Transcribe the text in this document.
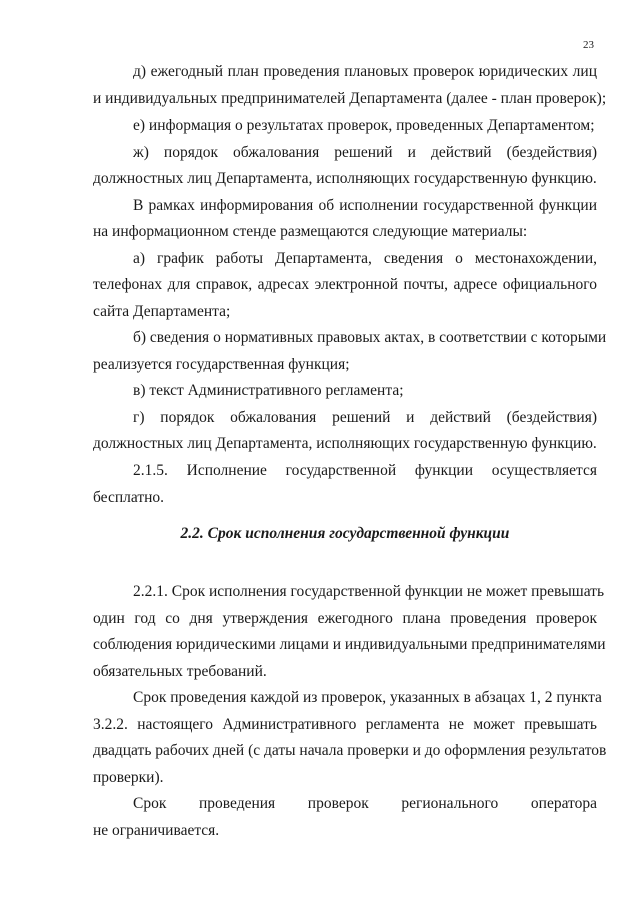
23

д) ежегодный план проведения плановых проверок юридических лиц

и индивидуальных предпринимателей Департамента (далее - план проверок);

е) информация о результатах проверок, проведенных Департаментом;

ж) порядок обжалования решений и действий (бездействия)

должностных лиц Департамента, исполняющих государственную функцию.

В рамках информирования об исполнении государственной функции

на информационном стенде размещаются следующие материалы:

а) график работы Департамента, сведения о местонахождении,

телефонах для справок, адресах электронной почты, адресе официального

сайта Департамента;

б) сведения о нормативных правовых актах, в соответствии с которыми

реализуется государственная функция;

в) текст Административного регламента;

г) порядок обжалования решений и действий (бездействия)

должностных лиц Департамента, исполняющих государственную функцию.

2.1.5. Исполнение государственной функции осуществляется

бесплатно.

2.2. Срок исполнения государственной функции

2.2.1. Срок исполнения государственной функции не может превышать

один год со дня утверждения ежегодного плана проведения проверок

соблюдения юридическими лицами и индивидуальными предпринимателями

обязательных требований.

Срок проведения каждой из проверок, указанных в абзацах 1, 2 пункта

3.2.2. настоящего Административного регламента не может превышать

двадцать рабочих дней (с даты начала проверки и до оформления результатов

проверки).

Срок проведения проверок регионального оператора

не ограничивается.
